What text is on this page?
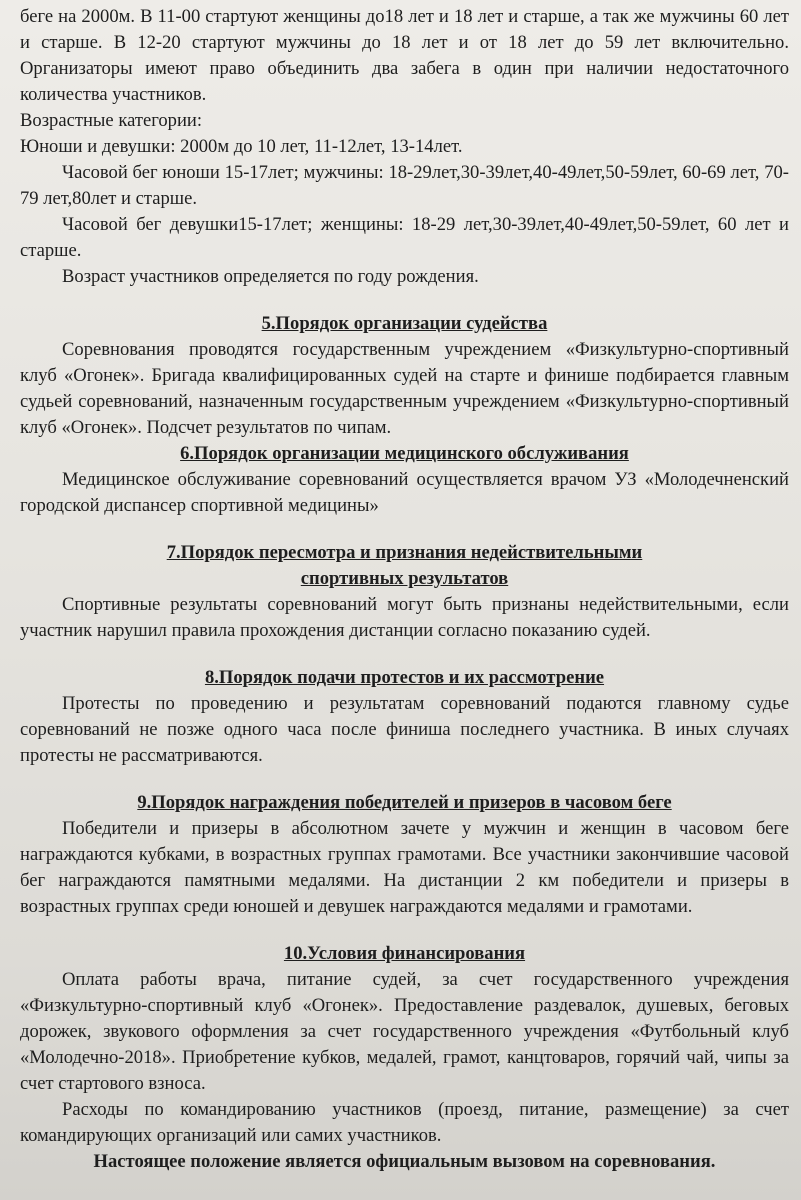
беге на 2000м. В 11-00 стартуют женщины до18 лет и 18 лет и старше, а так же мужчины 60 лет и старше. В 12-20 стартуют мужчины до 18 лет и от 18 лет до 59 лет включительно. Организаторы имеют право объединить два забега в один при наличии недостаточного количества участников.

Возрастные категории:

Юноши и девушки: 2000м до 10 лет, 11-12лет, 13-14лет.

Часовой бег юноши 15-17лет; мужчины: 18-29лет,30-39лет,40-49лет,50-59лет, 60-69 лет, 70-79 лет,80лет и старше.

Часовой бег девушки15-17лет; женщины: 18-29 лет,30-39лет,40-49лет,50-59лет, 60 лет и старше.

Возраст участников определяется по году рождения.

5.Порядок организации судейства

Соревнования проводятся государственным учреждением «Физкультурно-спортивный клуб «Огонек». Бригада квалифицированных судей на старте и финише подбирается главным судьей соревнований, назначенным государственным учреждением «Физкультурно-спортивный клуб «Огонек». Подсчет результатов по чипам.

6.Порядок организации медицинского обслуживания

Медицинское обслуживание соревнований осуществляется врачом УЗ «Молодечненский городской диспансер спортивной медицины»

7.Порядок пересмотра и признания недействительными

спортивных результатов

Спортивные результаты соревнований могут быть признаны недействительными, если участник нарушил правила прохождения дистанции согласно показанию судей.

8.Порядок подачи протестов и их рассмотрение

Протесты по проведению и результатам соревнований подаются главному судье соревнований не позже одного часа после финиша последнего участника. В иных случаях протесты не рассматриваются.

9.Порядок награждения победителей и призеров в часовом беге

Победители и призеры в абсолютном зачете у мужчин и женщин в часовом беге награждаются кубками, в возрастных группах грамотами. Все участники закончившие часовой бег награждаются памятными медалями. На дистанции 2 км победители и призеры в возрастных группах среди юношей и девушек награждаются медалями и грамотами.

10.Условия финансирования

Оплата работы врача, питание судей, за счет государственного учреждения «Физкультурно-спортивный клуб «Огонек». Предоставление раздевалок, душевых, беговых дорожек, звукового оформления за счет государственного учреждения «Футбольный клуб «Молодечно-2018». Приобретение кубков, медалей, грамот, канцтоваров, горячий чай, чипы за счет стартового взноса.

Расходы по командированию участников (проезд, питание, размещение) за счет командирующих организаций или самих участников.

Настоящее положение является официальным вызовом на соревнования.
